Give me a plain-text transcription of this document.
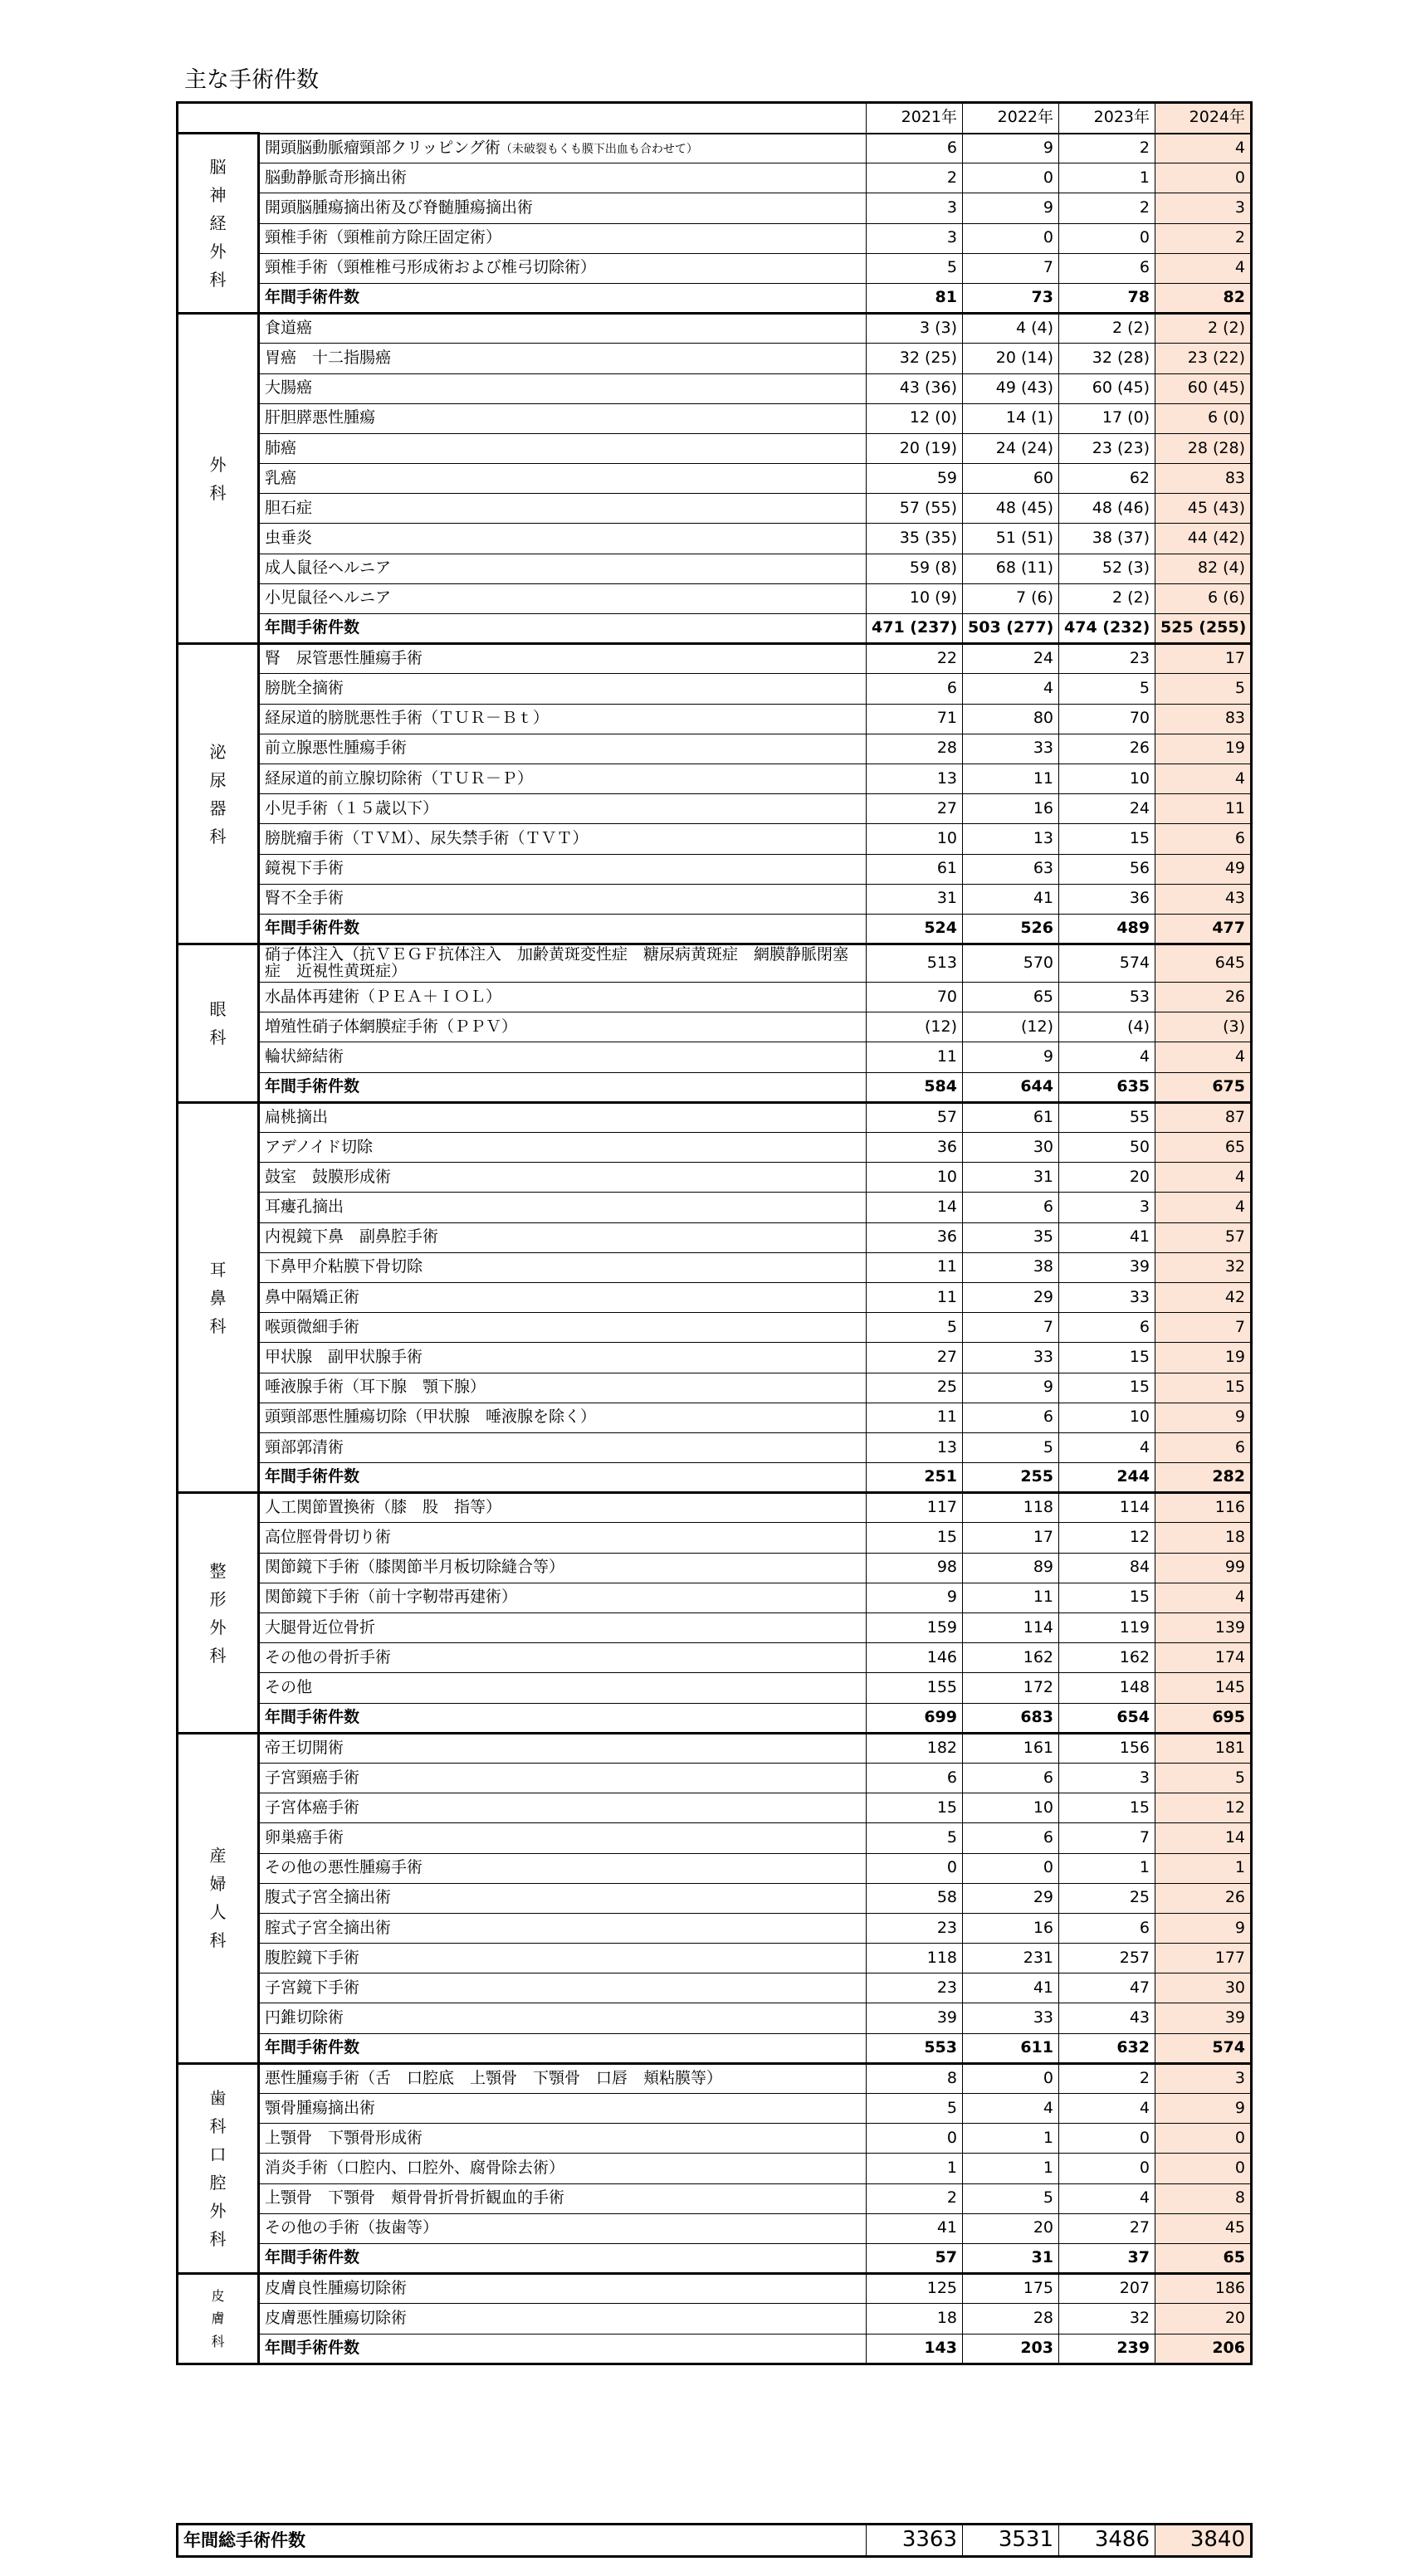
主な手術件数
		2021年	2022年	2023年	2024年
脳神経外科	開頭脳動脈瘤頸部クリッピング術（未破裂もくも膜下出血も合わせて）	6	9	2	4
	脳動静脈奇形摘出術	2	0	1	0
	開頭脳腫瘍摘出術及び脊髄腫瘍摘出術	3	9	2	3
	頸椎手術（頸椎前方除圧固定術）	3	0	0	2
	頸椎手術（頸椎椎弓形成術および椎弓切除術）	5	7	6	4
	年間手術件数	81	73	78	82
外科	食道癌	3 (3)	4 (4)	2 (2)	2 (2)
	胃癌　十二指腸癌	32 (25)	20 (14)	32 (28)	23 (22)
	大腸癌	43 (36)	49 (43)	60 (45)	60 (45)
	肝胆膵悪性腫瘍	12 (0)	14 (1)	17 (0)	6 (0)
	肺癌	20 (19)	24 (24)	23 (23)	28 (28)
	乳癌	59	60	62	83
	胆石症	57 (55)	48 (45)	48 (46)	45 (43)
	虫垂炎	35 (35)	51 (51)	38 (37)	44 (42)
	成人鼠径ヘルニア	59 (8)	68 (11)	52 (3)	82 (4)
	小児鼠径ヘルニア	10 (9)	7 (6)	2 (2)	6 (6)
	年間手術件数	471 (237)	503 (277)	474 (232)	525 (255)
泌尿器科	腎　尿管悪性腫瘍手術	22	24	23	17
	膀胱全摘術	6	4	5	5
	経尿道的膀胱悪性手術（ＴＵＲ－Ｂｔ）	71	80	70	83
	前立腺悪性腫瘍手術	28	33	26	19
	経尿道的前立腺切除術（ＴＵＲ－Ｐ）	13	11	10	4
	小児手術（１５歳以下）	27	16	24	11
	膀胱瘤手術（ＴＶＭ）、尿失禁手術（ＴＶＴ）	10	13	15	6
	鏡視下手術	61	63	56	49
	腎不全手術	31	41	36	43
	年間手術件数	524	526	489	477
眼科	硝子体注入（抗ＶＥＧＦ抗体注入　加齢黄斑変性症　糖尿病黄斑症　網膜静脈閉塞症　近視性黄斑症）	513	570	574	645
	水晶体再建術（ＰＥＡ＋ＩＯＬ）	70	65	53	26
	増殖性硝子体網膜症手術（ＰＰＶ）	(12)	(12)	(4)	(3)
	輪状締結術	11	9	4	4
	年間手術件数	584	644	635	675
耳鼻科	扁桃摘出	57	61	55	87
	アデノイド切除	36	30	50	65
	鼓室　鼓膜形成術	10	31	20	4
	耳瘻孔摘出	14	6	3	4
	内視鏡下鼻　副鼻腔手術	36	35	41	57
	下鼻甲介粘膜下骨切除	11	38	39	32
	鼻中隔矯正術	11	29	33	42
	喉頭微細手術	5	7	6	7
	甲状腺　副甲状腺手術	27	33	15	19
	唾液腺手術（耳下腺　顎下腺）	25	9	15	15
	頭頸部悪性腫瘍切除（甲状腺　唾液腺を除く）	11	6	10	9
	頸部郭清術	13	5	4	6
	年間手術件数	251	255	244	282
整形外科	人工関節置換術（膝　股　指等）	117	118	114	116
	高位脛骨骨切り術	15	17	12	18
	関節鏡下手術（膝関節半月板切除縫合等）	98	89	84	99
	関節鏡下手術（前十字靭帯再建術）	9	11	15	4
	大腿骨近位骨折	159	114	119	139
	その他の骨折手術	146	162	162	174
	その他	155	172	148	145
	年間手術件数	699	683	654	695
産婦人科	帝王切開術	182	161	156	181
	子宮頸癌手術	6	6	3	5
	子宮体癌手術	15	10	15	12
	卵巣癌手術	5	6	7	14
	その他の悪性腫瘍手術	0	0	1	1
	腹式子宮全摘出術	58	29	25	26
	腟式子宮全摘出術	23	16	6	9
	腹腔鏡下手術	118	231	257	177
	子宮鏡下手術	23	41	47	30
	円錐切除術	39	33	43	39
	年間手術件数	553	611	632	574
歯科口腔外科	悪性腫瘍手術（舌　口腔底　上顎骨　下顎骨　口唇　頬粘膜等）	8	0	2	3
	顎骨腫瘍摘出術	5	4	4	9
	上顎骨　下顎骨形成術	0	1	0	0
	消炎手術（口腔内、口腔外、腐骨除去術）	1	1	0	0
	上顎骨　下顎骨　頬骨骨折骨折観血的手術	2	5	4	8
	その他の手術（抜歯等）	41	20	27	45
	年間手術件数	57	31	37	65
皮膚科	皮膚良性腫瘍切除術	125	175	207	186
	皮膚悪性腫瘍切除術	18	28	32	20
	年間手術件数	143	203	239	206
年間総手術件数	3363	3531	3486	3840
